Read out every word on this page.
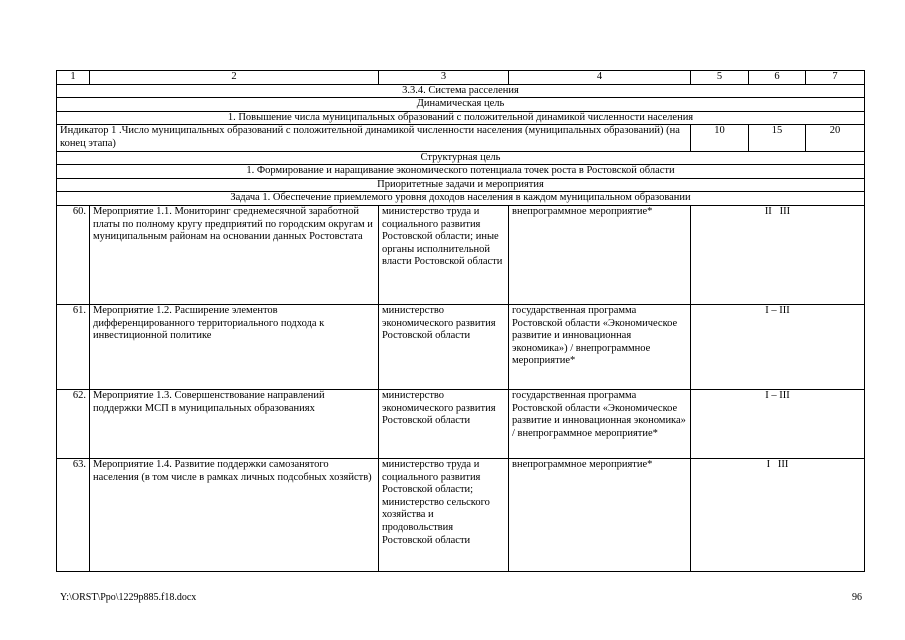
1	2	3	4	5	6	7
3.3.4. Система расселения						
Динамическая цель						
1. Повышение числа муниципальных образований с положительной динамикой численности населения						
Индикатор 1 .Число муниципальных образований с положительной динамикой численности населения (муниципальных образований) (на конец этапа)				10	15	20
Структурная цель						
1. Формирование и наращивание экономического потенциала точек роста в Ростовской области						
Приоритетные задачи и мероприятия						
Задача 1. Обеспечение приемлемого уровня доходов населения в каждом муниципальном образовании						
60.	Мероприятие 1.1. Мониторинг среднемесячной заработной платы по полному кругу предприятий по городским округам и муниципальным районам на основании данных Ростовстата	министерство труда и социального развития Ростовской области; иные органы исполнительной власти Ростовской области	внепрограммное мероприятие*	II   III		
61.	Мероприятие 1.2. Расширение элементов дифференцированного территориального подхода к инвестиционной политике	министерство экономического развития Ростовской области	государственная программа Ростовской области «Экономическое развитие и инновационная экономика») / внепрограммное мероприятие*	I – III		
62.	Мероприятие 1.3. Совершенствование направлений поддержки МСП в муниципальных образованиях	министерство экономического развития Ростовской области	государственная программа Ростовской области «Экономическое развитие и инновационная экономика» / внепрограммное мероприятие*	I – III		
63.	Мероприятие 1.4. Развитие поддержки самозанятого населения (в том числе в рамках личных подсобных хозяйств)	министерство труда и социального развития Ростовской области; министерство сельского хозяйства и продовольствия Ростовской области	внепрограммное мероприятие*	I   III		
Y:\ORST\Ppo\1229p885.f18.docx	96
